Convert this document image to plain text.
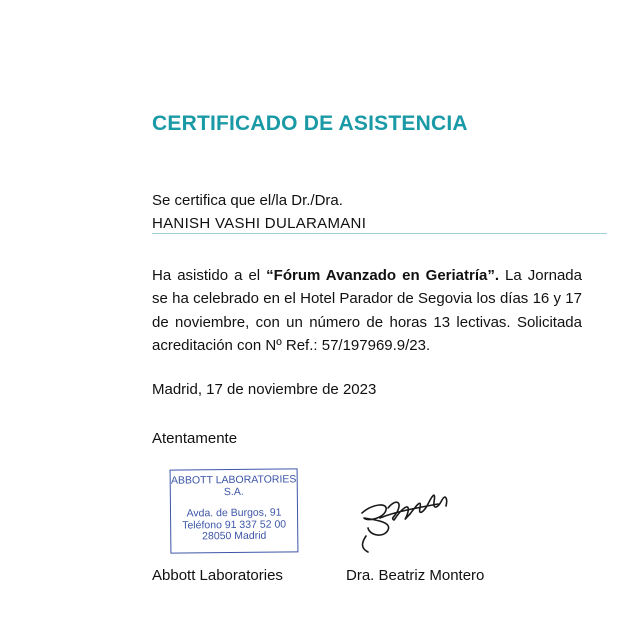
CERTIFICADO DE ASISTENCIA
Se certifica que el/la Dr./Dra.
HANISH VASHI DULARAMANI
Ha asistido a el “Fórum Avanzado en Geriatría”. La Jornada se ha celebrado en el Hotel Parador de Segovia los días 16 y 17 de noviembre, con un número de horas 13 lectivas. Solicitada acreditación con Nº Ref.: 57/197969.9/23.
Madrid, 17 de noviembre de 2023
Atentamente
ABBOTT LABORATORIES
S.A.
Avda. de Burgos, 91
Teléfono 91 337 52 00
28050 Madrid
Abbott Laboratories	Dra. Beatriz Montero
